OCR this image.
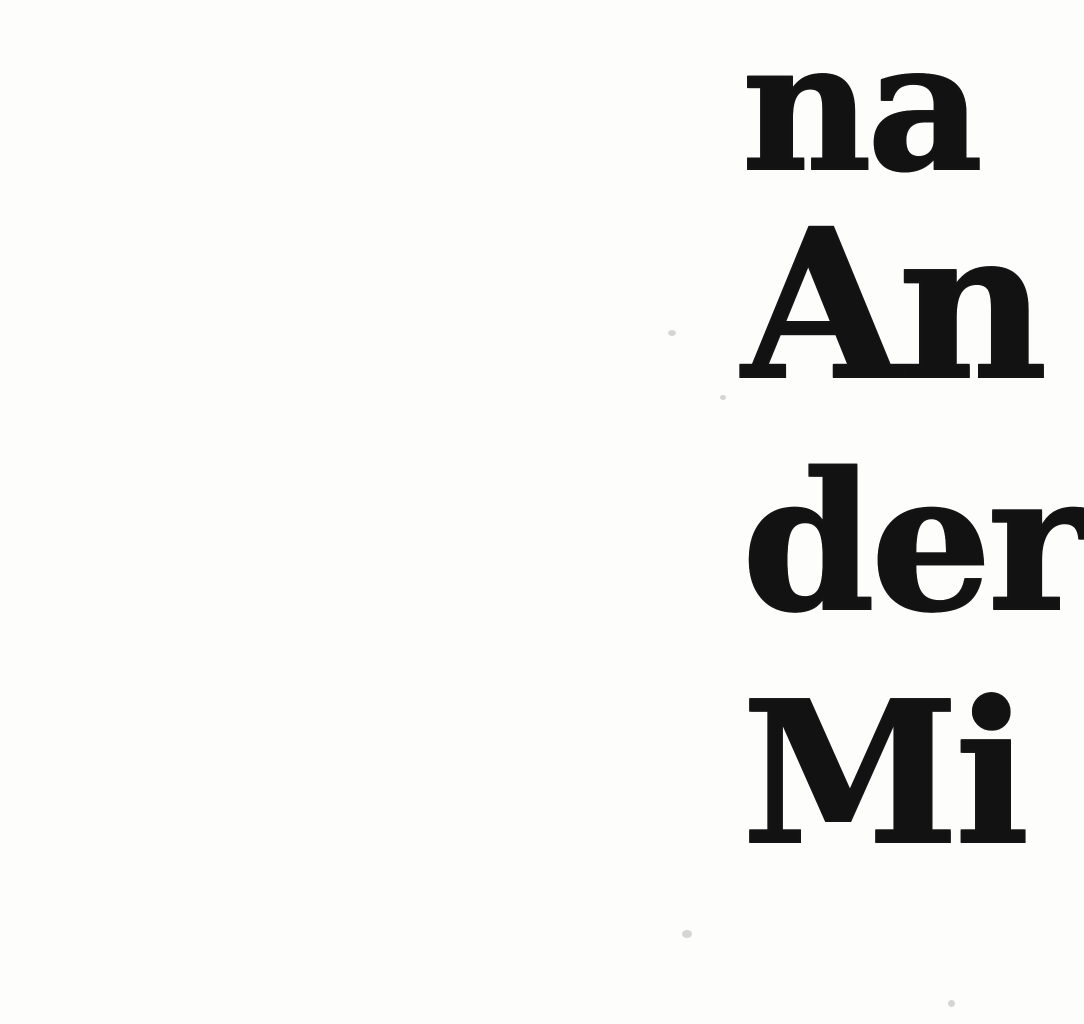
na
An
der
Mi
